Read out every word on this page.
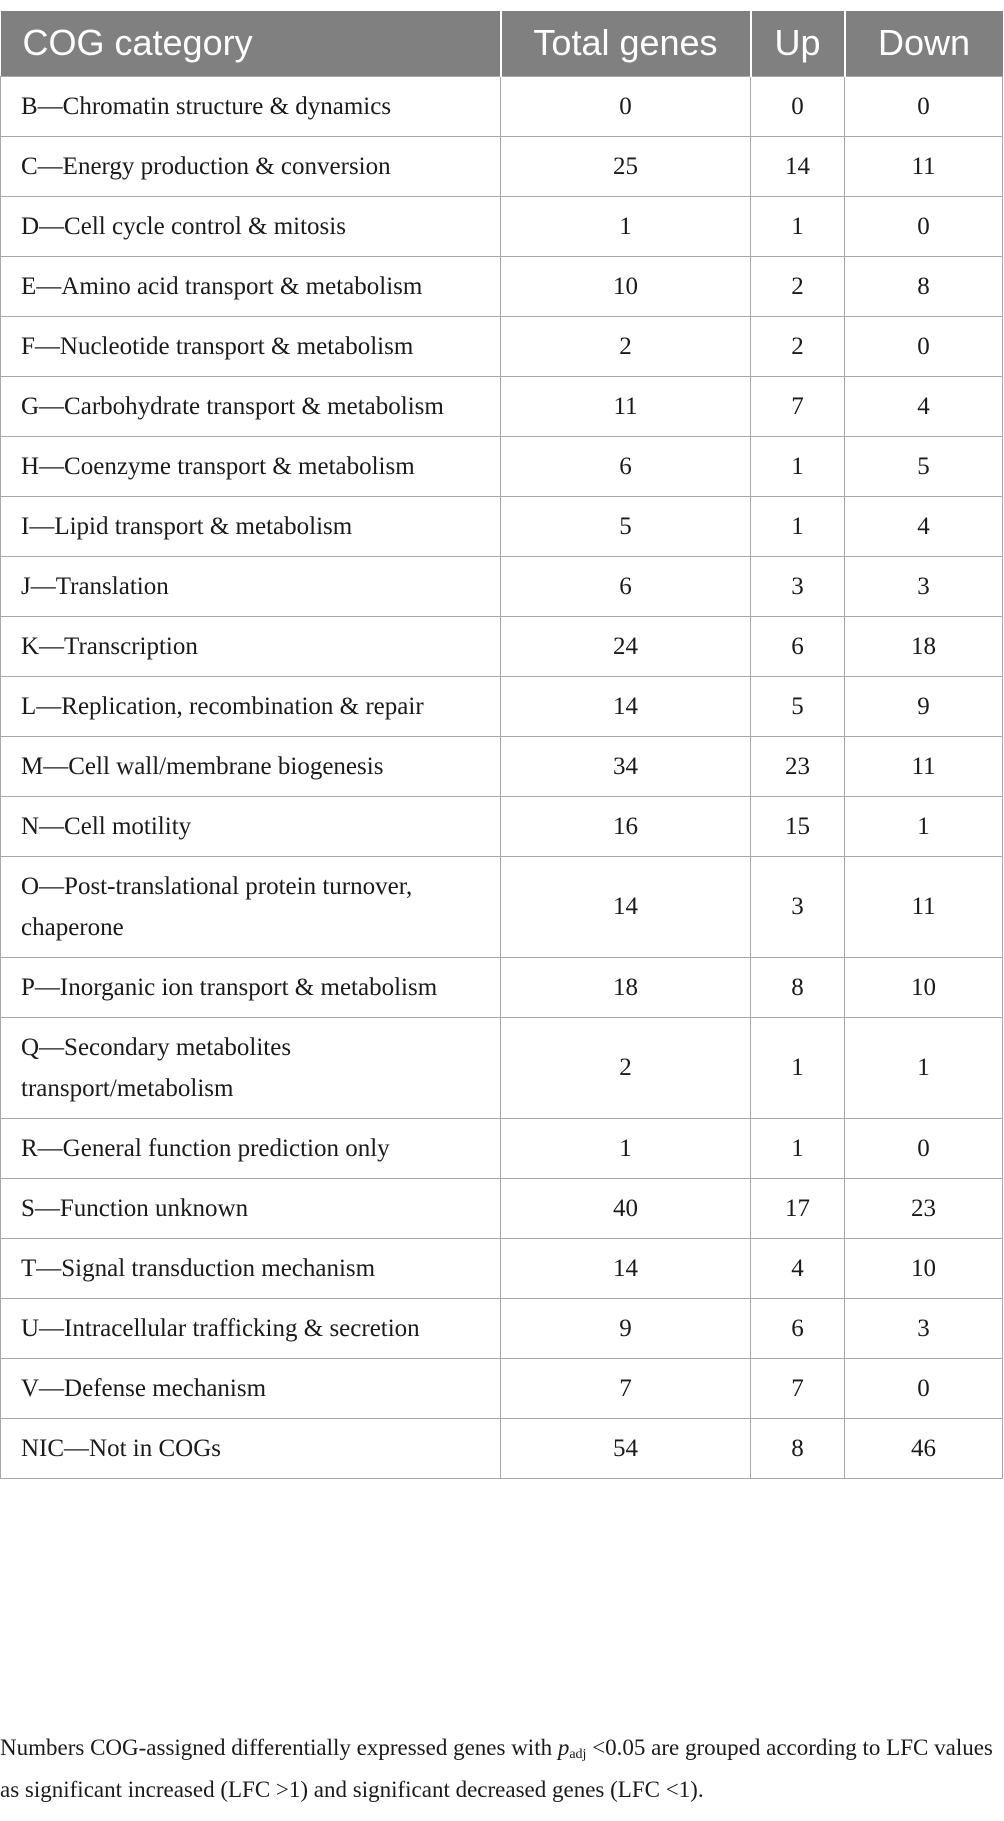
COG category	Total genes	Up	Down
B—Chromatin structure & dynamics	0	0	0
C—Energy production & conversion	25	14	11
D—Cell cycle control & mitosis	1	1	0
E—Amino acid transport & metabolism	10	2	8
F—Nucleotide transport & metabolism	2	2	0
G—Carbohydrate transport & metabolism	11	7	4
H—Coenzyme transport & metabolism	6	1	5
I—Lipid transport & metabolism	5	1	4
J—Translation	6	3	3
K—Transcription	24	6	18
L—Replication, recombination & repair	14	5	9
M—Cell wall/membrane biogenesis	34	23	11
N—Cell motility	16	15	1
O—Post-translational protein turnover, chaperone	14	3	11
P—Inorganic ion transport & metabolism	18	8	10
Q—Secondary metabolites transport/metabolism	2	1	1
R—General function prediction only	1	1	0
S—Function unknown	40	17	23
T—Signal transduction mechanism	14	4	10
U—Intracellular trafficking & secretion	9	6	3
V—Defense mechanism	7	7	0
NIC—Not in COGs	54	8	46
Numbers COG-assigned differentially expressed genes with $p_{adj} <0.05$ are grouped according to LFC values as significant increased (LFC >1) and significant decreased genes (LFC <1).
